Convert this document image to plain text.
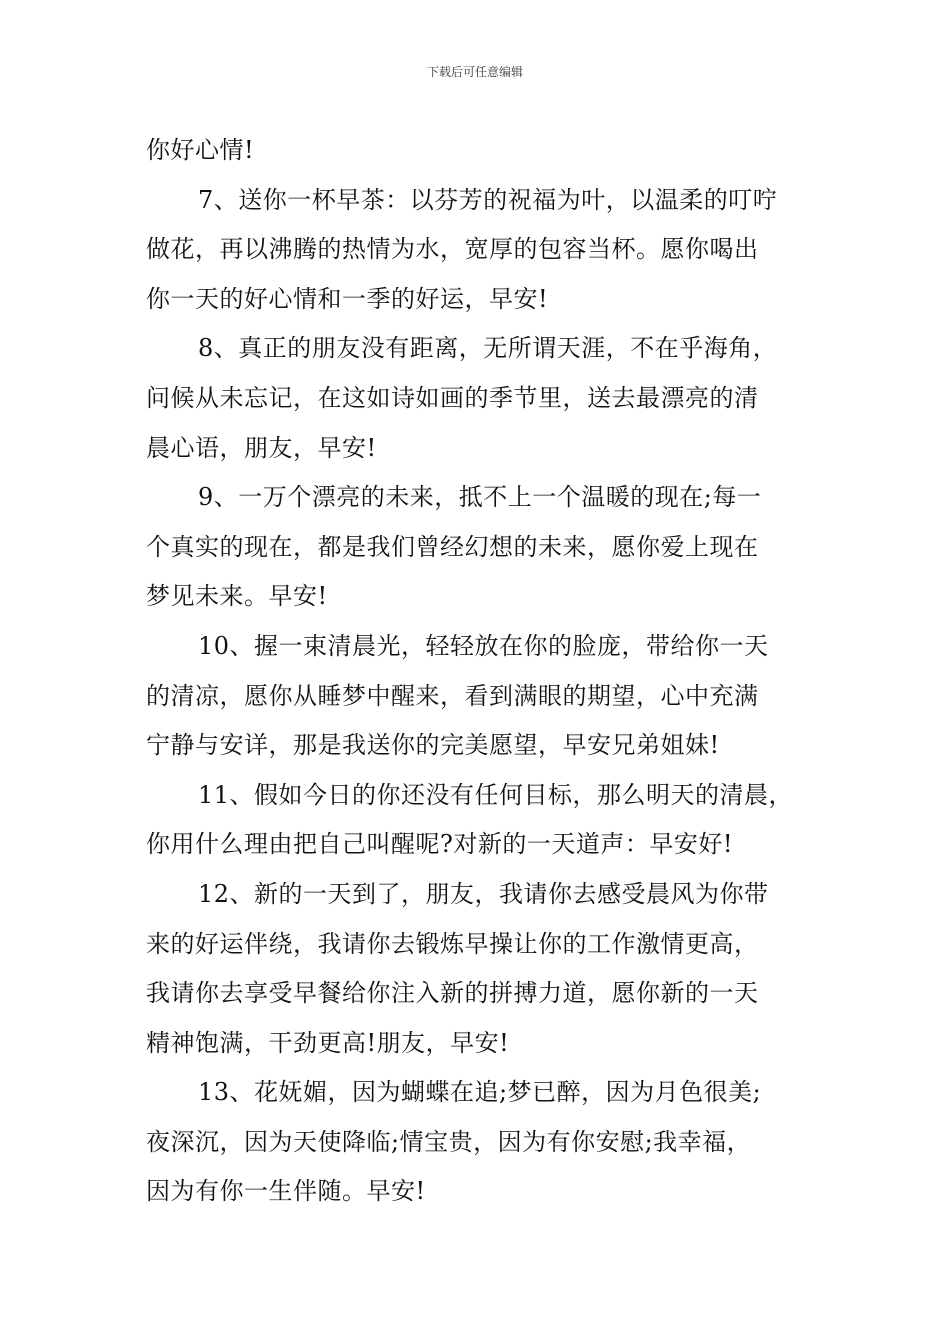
下载后可任意编辑
你好心情!
7、送你一杯早茶：以芬芳的祝福为叶，以温柔的叮咛
做花，再以沸腾的热情为水，宽厚的包容当杯。愿你喝出
你一天的好心情和一季的好运，早安!
8、真正的朋友没有距离，无所谓天涯，不在乎海角，
问候从未忘记，在这如诗如画的季节里，送去最漂亮的清
晨心语，朋友，早安!
9、一万个漂亮的未来，抵不上一个温暖的现在;每一
个真实的现在，都是我们曾经幻想的未来，愿你爱上现在
梦见未来。早安!
10、握一束清晨光，轻轻放在你的脸庞，带给你一天
的清凉，愿你从睡梦中醒来，看到满眼的期望，心中充满
宁静与安详，那是我送你的完美愿望，早安兄弟姐妹!
11、假如今日的你还没有任何目标，那么明天的清晨，
你用什么理由把自己叫醒呢?对新的一天道声：早安好!
12、新的一天到了，朋友，我请你去感受晨风为你带
来的好运伴绕，我请你去锻炼早操让你的工作激情更高，
我请你去享受早餐给你注入新的拼搏力道，愿你新的一天
精神饱满，干劲更高!朋友，早安!
13、花妩媚，因为蝴蝶在追;梦已醉，因为月色很美;
夜深沉，因为天使降临;情宝贵，因为有你安慰;我幸福，
因为有你一生伴随。早安!
